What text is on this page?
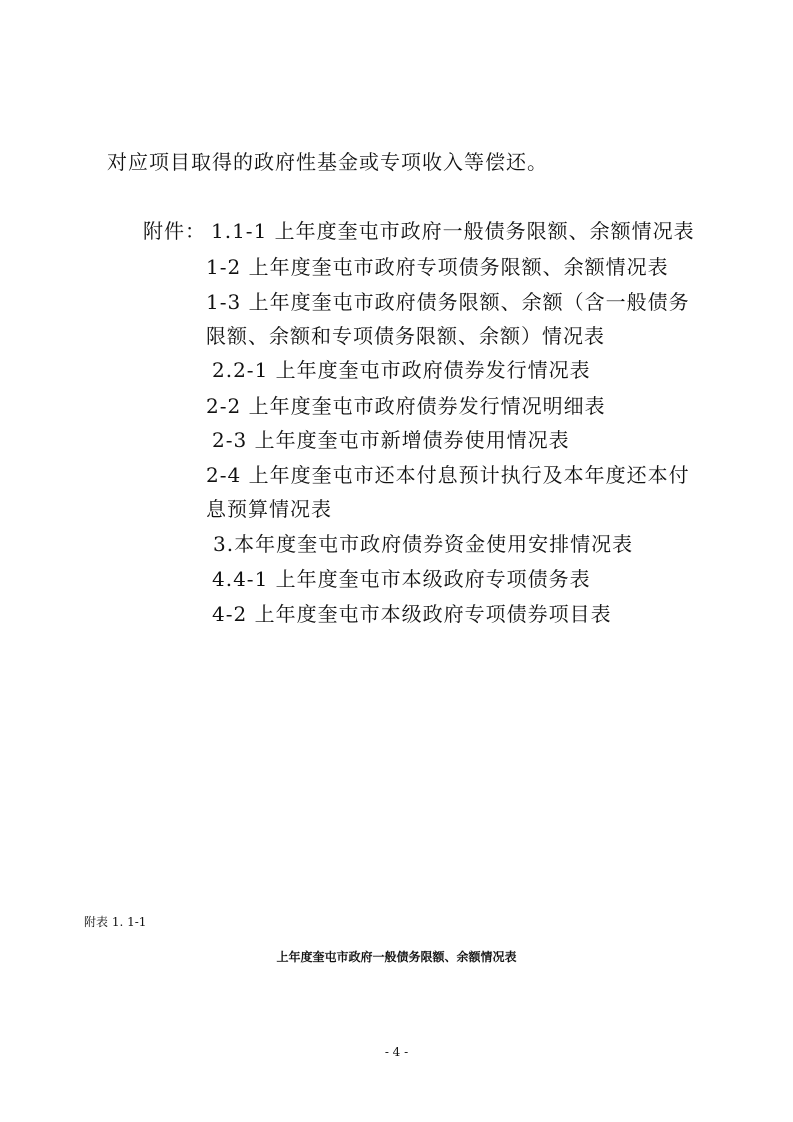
对应项目取得的政府性基金或专项收入等偿还。
附件： 1.1-1 上年度奎屯市政府一般债务限额、余额情况表
1-2 上年度奎屯市政府专项债务限额、余额情况表
1-3 上年度奎屯市政府债务限额、余额（含一般债务
限额、余额和专项债务限额、余额）情况表
2.2-1 上年度奎屯市政府债券发行情况表
2-2 上年度奎屯市政府债券发行情况明细表
2-3 上年度奎屯市新增债券使用情况表
2-4 上年度奎屯市还本付息预计执行及本年度还本付
息预算情况表
3.本年度奎屯市政府债券资金使用安排情况表
4.4-1 上年度奎屯市本级政府专项债务表
4-2 上年度奎屯市本级政府专项债券项目表
附表 1. 1-1
上年度奎屯市政府一般债务限额、余额情况表
- 4 -
